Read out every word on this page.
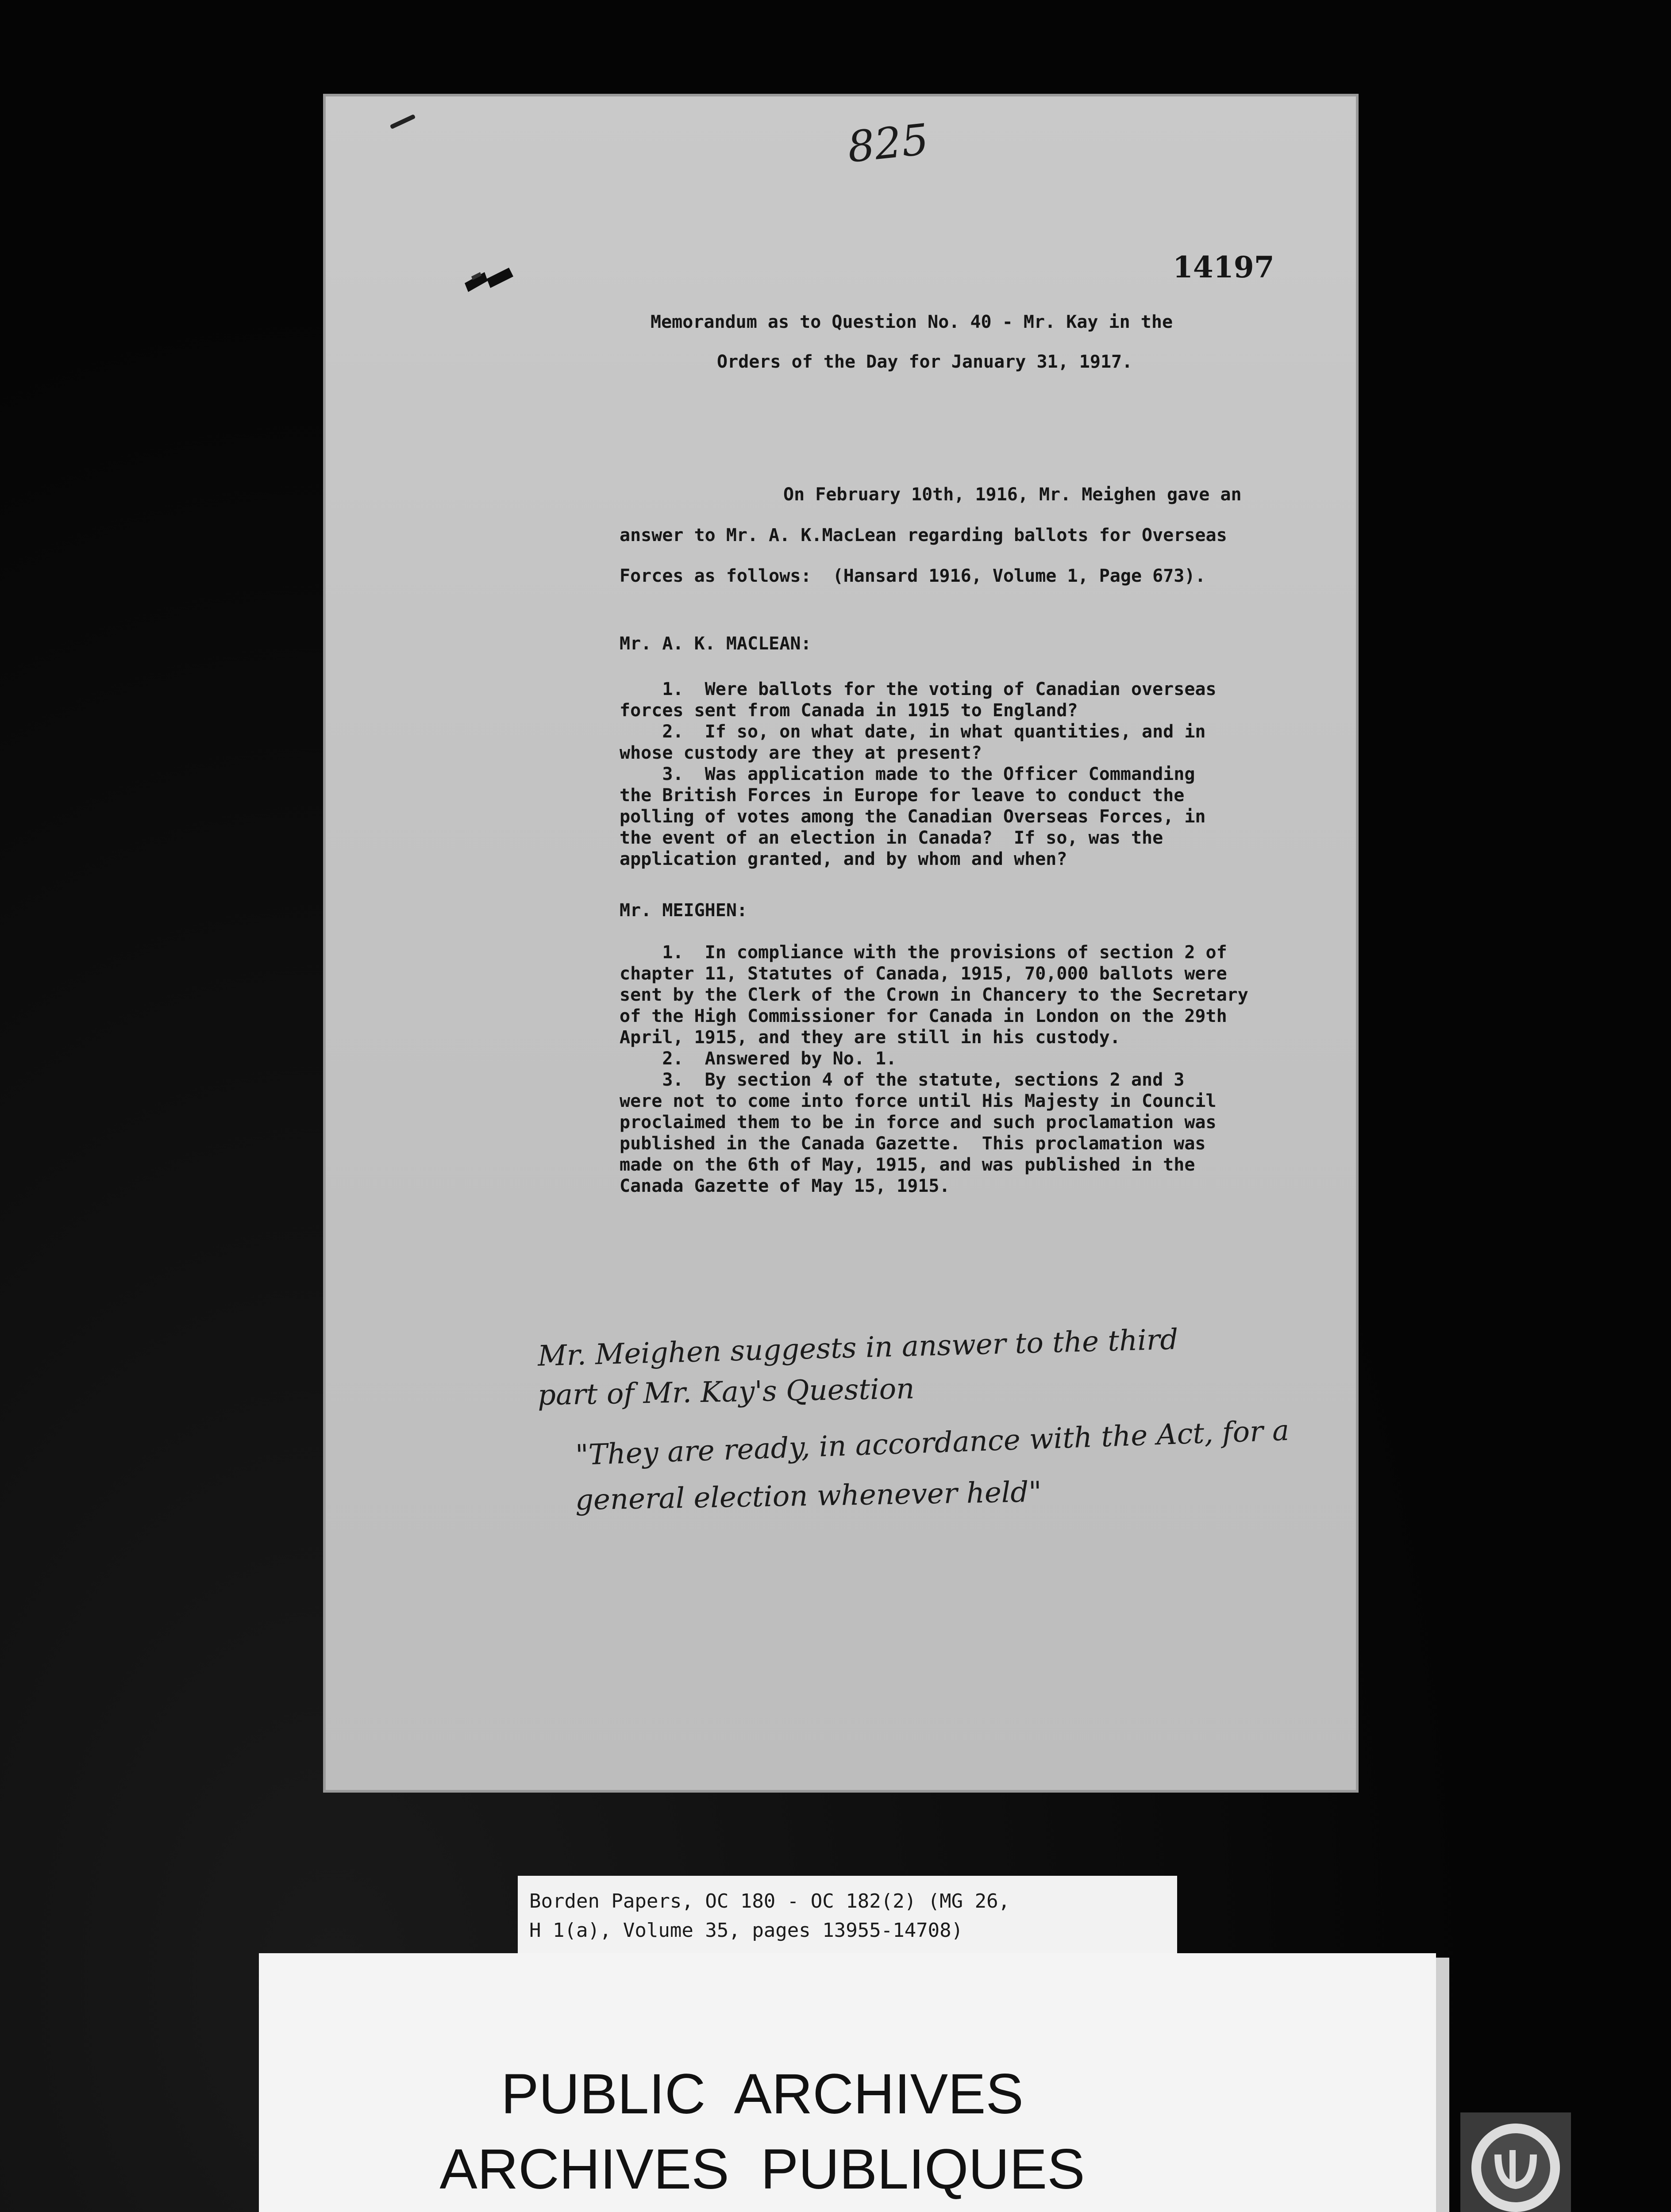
825
14197
Memorandum as to Question No. 40 - Mr. Kay in the
Orders of the Day for January 31, 1917.
On February 10th, 1916, Mr. Meighen gave an
answer to Mr. A. K.MacLean regarding ballots for Overseas
Forces as follows:  (Hansard 1916, Volume 1, Page 673).
Mr. A. K. MACLEAN:
1.  Were ballots for the voting of Canadian overseas
forces sent from Canada in 1915 to England?
2.  If so, on what date, in what quantities, and in
whose custody are they at present?
3.  Was application made to the Officer Commanding
the British Forces in Europe for leave to conduct the
polling of votes among the Canadian Overseas Forces, in
the event of an election in Canada?  If so, was the
application granted, and by whom and when?
Mr. MEIGHEN:
1.  In compliance with the provisions of section 2 of
chapter 11, Statutes of Canada, 1915, 70,000 ballots were
sent by the Clerk of the Crown in Chancery to the Secretary
of the High Commissioner for Canada in London on the 29th
April, 1915, and they are still in his custody.
2.  Answered by No. 1.
3.  By section 4 of the statute, sections 2 and 3
were not to come into force until His Majesty in Council
proclaimed them to be in force and such proclamation was
published in the Canada Gazette.  This proclamation was
made on the 6th of May, 1915, and was published in the
Canada Gazette of May 15, 1915.
Mr. Meighen suggests in answer to the third
part of Mr. Kay's Question
"They are ready, in accordance with the Act, for a
general election whenever held"
Borden Papers, OC 180 - OC 182(2) (MG 26,
H 1(a), Volume 35, pages 13955-14708)
PUBLIC  ARCHIVES
ARCHIVES  PUBLIQUES
